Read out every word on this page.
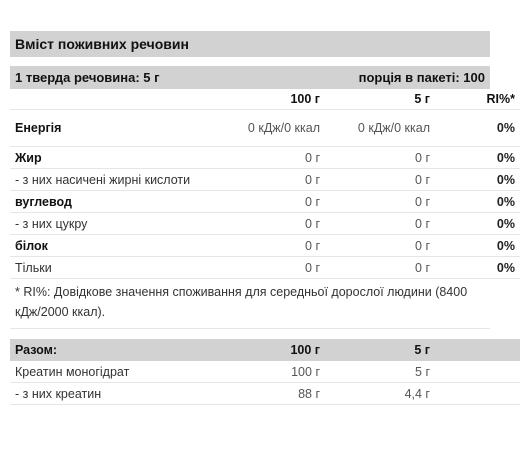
Вміст поживних речовин
1 тверда речовина: 5 г	порція в пакеті: 100
	100 г	5 г	RI%*
Енергія	0 кДж/0 ккал	0 кДж/0 ккал	0%
Жир	0 г	0 г	0%
- з них насичені жирні кислоти	0 г	0 г	0%
вуглевод	0 г	0 г	0%
- з них цукру	0 г	0 г	0%
білок	0 г	0 г	0%
Тільки	0 г	0 г	0%
* RI%: Довідкове значення споживання для середньої дорослої людини (8400 кДж/2000 ккал).
Разом:	100 г	5 г	
Креатин моногідрат	100 г	5 г	
- з них креатин	88 г	4,4 г	
